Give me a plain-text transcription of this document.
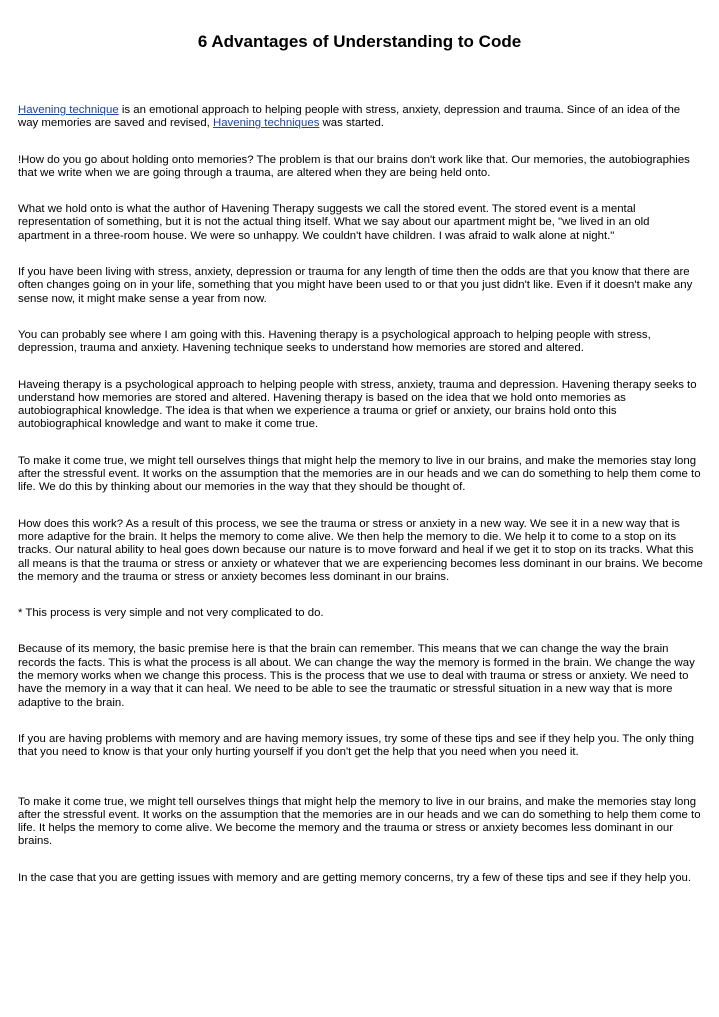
6 Advantages of Understanding to Code

Havening technique is an emotional approach to helping people with stress, anxiety, depression and trauma. Since of an idea of the way memories are saved and revised, Havening techniques was started.

!How do you go about holding onto memories? The problem is that our brains don't work like that. Our memories, the autobiographies that we write when we are going through a trauma, are altered when they are being held onto.

What we hold onto is what the author of Havening Therapy suggests we call the stored event. The stored event is a mental representation of something, but it is not the actual thing itself. What we say about our apartment might be, "we lived in an old apartment in a three-room house. We were so unhappy. We couldn't have children. I was afraid to walk alone at night."

If you have been living with stress, anxiety, depression or trauma for any length of time then the odds are that you know that there are often changes going on in your life, something that you might have been used to or that you just didn't like. Even if it doesn't make any sense now, it might make sense a year from now.

You can probably see where I am going with this. Havening therapy is a psychological approach to helping people with stress, depression, trauma and anxiety. Havening technique seeks to understand how memories are stored and altered.

Haveing therapy is a psychological approach to helping people with stress, anxiety, trauma and depression. Havening therapy seeks to understand how memories are stored and altered. Havening therapy is based on the idea that we hold onto memories as autobiographical knowledge. The idea is that when we experience a trauma or grief or anxiety, our brains hold onto this autobiographical knowledge and want to make it come true.

To make it come true, we might tell ourselves things that might help the memory to live in our brains, and make the memories stay long after the stressful event. It works on the assumption that the memories are in our heads and we can do something to help them come to life. We do this by thinking about our memories in the way that they should be thought of.

How does this work? As a result of this process, we see the trauma or stress or anxiety in a new way. We see it in a new way that is more adaptive for the brain. It helps the memory to come alive. We then help the memory to die. We help it to come to a stop on its tracks. Our natural ability to heal goes down because our nature is to move forward and heal if we get it to stop on its tracks. What this all means is that the trauma or stress or anxiety or whatever that we are experiencing becomes less dominant in our brains. We become the memory and the trauma or stress or anxiety becomes less dominant in our brains.

* This process is very simple and not very complicated to do.

Because of its memory, the basic premise here is that the brain can remember. This means that we can change the way the brain records the facts. This is what the process is all about. We can change the way the memory is formed in the brain. We change the way the memory works when we change this process. This is the process that we use to deal with trauma or stress or anxiety. We need to have the memory in a way that it can heal. We need to be able to see the traumatic or stressful situation in a new way that is more adaptive to the brain.

If you are having problems with memory and are having memory issues, try some of these tips and see if they help you. The only thing that you need to know is that your only hurting yourself if you don't get the help that you need when you need it.

To make it come true, we might tell ourselves things that might help the memory to live in our brains, and make the memories stay long after the stressful event. It works on the assumption that the memories are in our heads and we can do something to help them come to life. It helps the memory to come alive. We become the memory and the trauma or stress or anxiety becomes less dominant in our brains.

In the case that you are getting issues with memory and are getting memory concerns, try a few of these tips and see if they help you.
